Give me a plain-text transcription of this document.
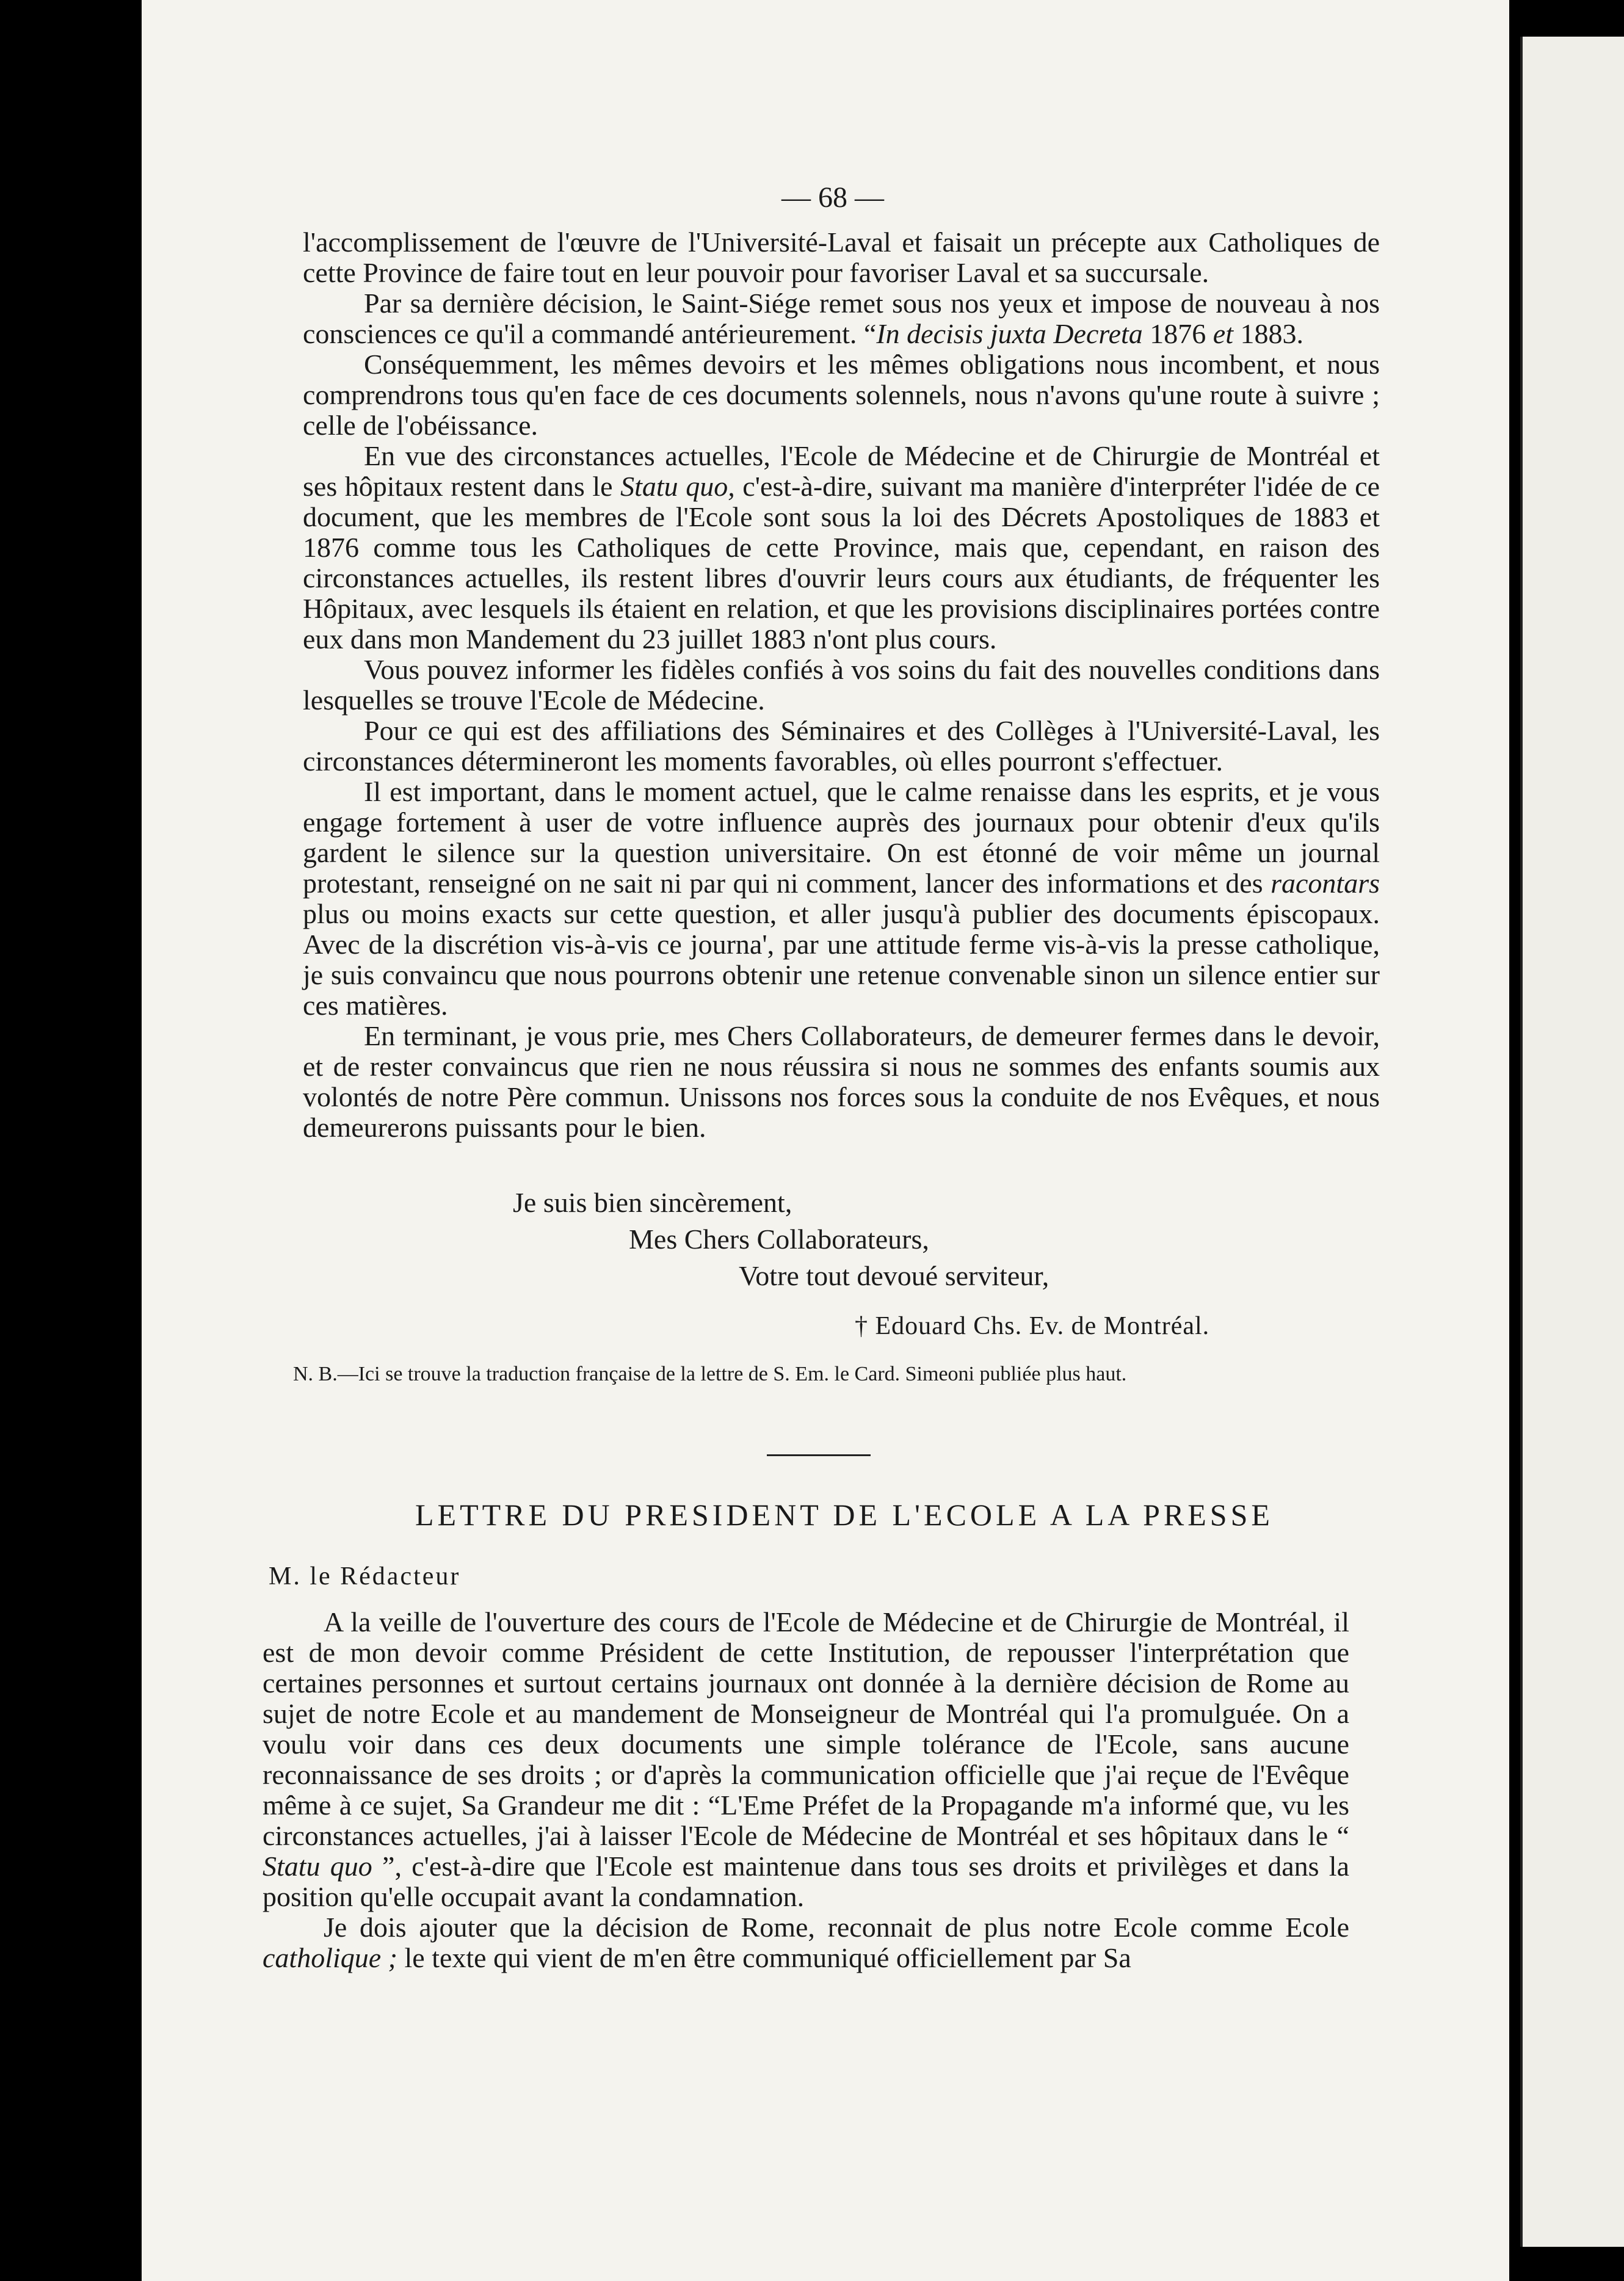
— 68 —

l'accomplissement de l'œuvre de l'Université-Laval et faisait un précepte aux Catholiques de cette Province de faire tout en leur pouvoir pour favoriser Laval et sa succursale.

Par sa dernière décision, le Saint-Siége remet sous nos yeux et impose de nouveau à nos consciences ce qu'il a commandé antérieurement. “In decisis juxta Decreta 1876 et 1883.

Conséquemment, les mêmes devoirs et les mêmes obligations nous incombent, et nous comprendrons tous qu'en face de ces documents solennels, nous n'avons qu'une route à suivre ; celle de l'obéissance.

En vue des circonstances actuelles, l'Ecole de Médecine et de Chirurgie de Montréal et ses hôpitaux restent dans le Statu quo, c'est-à-dire, suivant ma manière d'interpréter l'idée de ce document, que les membres de l'Ecole sont sous la loi des Décrets Apostoliques de 1883 et 1876 comme tous les Catholiques de cette Province, mais que, cependant, en raison des circonstances actuelles, ils restent libres d'ouvrir leurs cours aux étudiants, de fréquenter les Hôpitaux, avec lesquels ils étaient en relation, et que les provisions disciplinaires portées contre eux dans mon Mandement du 23 juillet 1883 n'ont plus cours.

Vous pouvez informer les fidèles confiés à vos soins du fait des nouvelles conditions dans lesquelles se trouve l'Ecole de Médecine.

Pour ce qui est des affiliations des Séminaires et des Collèges à l'Université-Laval, les circonstances détermineront les moments favorables, où elles pourront s'effectuer.

Il est important, dans le moment actuel, que le calme renaisse dans les esprits, et je vous engage fortement à user de votre influence auprès des journaux pour obtenir d'eux qu'ils gardent le silence sur la question universitaire. On est étonné de voir même un journal protestant, renseigné on ne sait ni par qui ni comment, lancer des informations et des racontars plus ou moins exacts sur cette question, et aller jusqu'à publier des documents épiscopaux. Avec de la discrétion vis-à-vis ce journa', par une attitude ferme vis-à-vis la presse catholique, je suis convaincu que nous pourrons obtenir une retenue convenable sinon un silence entier sur ces matières.

En terminant, je vous prie, mes Chers Collaborateurs, de demeurer fermes dans le devoir, et de rester convaincus que rien ne nous réussira si nous ne sommes des enfants soumis aux volontés de notre Père commun. Unissons nos forces sous la conduite de nos Evêques, et nous demeurerons puissants pour le bien.

Je suis bien sincèrement,
Mes Chers Collaborateurs,
Votre tout devoué serviteur,
† Edouard Chs. Ev. de Montréal.
N. B.—Ici se trouve la traduction française de la lettre de S. Em. le Card. Simeoni publiée plus haut.
LETTRE DU PRESIDENT DE L'ECOLE A LA PRESSE
M. le Rédacteur

A la veille de l'ouverture des cours de l'Ecole de Médecine et de Chirurgie de Montréal, il est de mon devoir comme Président de cette Institution, de repousser l'interprétation que certaines personnes et surtout certains journaux ont donnée à la dernière décision de Rome au sujet de notre Ecole et au mandement de Monseigneur de Montréal qui l'a promulguée. On a voulu voir dans ces deux documents une simple tolérance de l'Ecole, sans aucune reconnaissance de ses droits ; or d'après la communication officielle que j'ai reçue de l'Evêque même à ce sujet, Sa Grandeur me dit : “L'Eme Préfet de la Propagande m'a informé que, vu les circonstances actuelles, j'ai à laisser l'Ecole de Médecine de Montréal et ses hôpitaux dans le “ Statu quo ”, c'est-à-dire que l'Ecole est maintenue dans tous ses droits et privilèges et dans la position qu'elle occupait avant la condamnation.

Je dois ajouter que la décision de Rome, reconnait de plus notre Ecole comme Ecole catholique ; le texte qui vient de m'en être communiqué officiellement par Sa
